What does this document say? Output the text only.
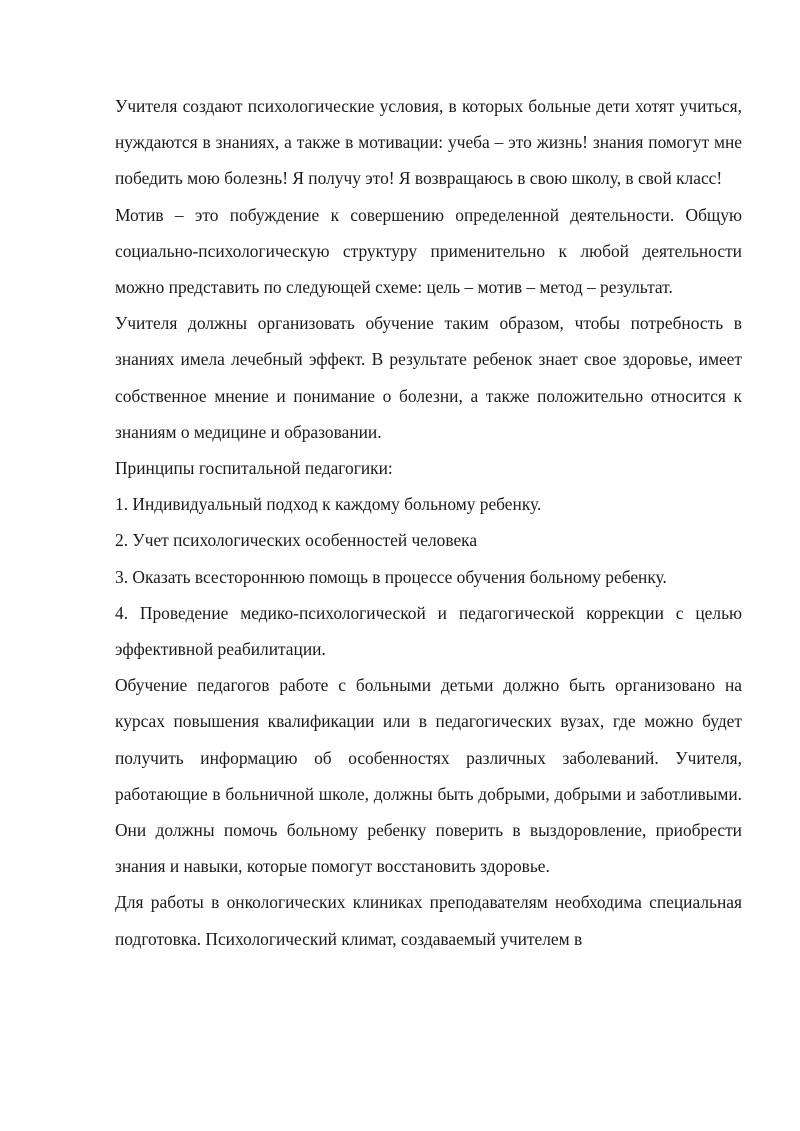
Учителя создают психологические условия, в которых больные дети хотят учиться, нуждаются в знаниях, а также в мотивации: учеба – это жизнь! знания помогут мне победить мою болезнь! Я получу это! Я возвращаюсь в свою школу, в свой класс!

Мотив – это побуждение к совершению определенной деятельности. Общую социально-психологическую структуру применительно к любой деятельности можно представить по следующей схеме: цель – мотив – метод – результат.

Учителя должны организовать обучение таким образом, чтобы потребность в знаниях имела лечебный эффект. В результате ребенок знает свое здоровье, имеет собственное мнение и понимание о болезни, а также положительно относится к знаниям о медицине и образовании.

Принципы госпитальной педагогики:

1. Индивидуальный подход к каждому больному ребенку.

2. Учет психологических особенностей человека

3. Оказать всестороннюю помощь в процессе обучения больному ребенку.

4. Проведение медико-психологической и педагогической коррекции с целью эффективной реабилитации.

Обучение педагогов работе с больными детьми должно быть организовано на курсах повышения квалификации или в педагогических вузах, где можно будет получить информацию об особенностях различных заболеваний. Учителя, работающие в больничной школе, должны быть добрыми, добрыми и заботливыми. Они должны помочь больному ребенку поверить в выздоровление, приобрести знания и навыки, которые помогут восстановить здоровье.

Для работы в онкологических клиниках преподавателям необходима специальная подготовка. Психологический климат, создаваемый учителем в
